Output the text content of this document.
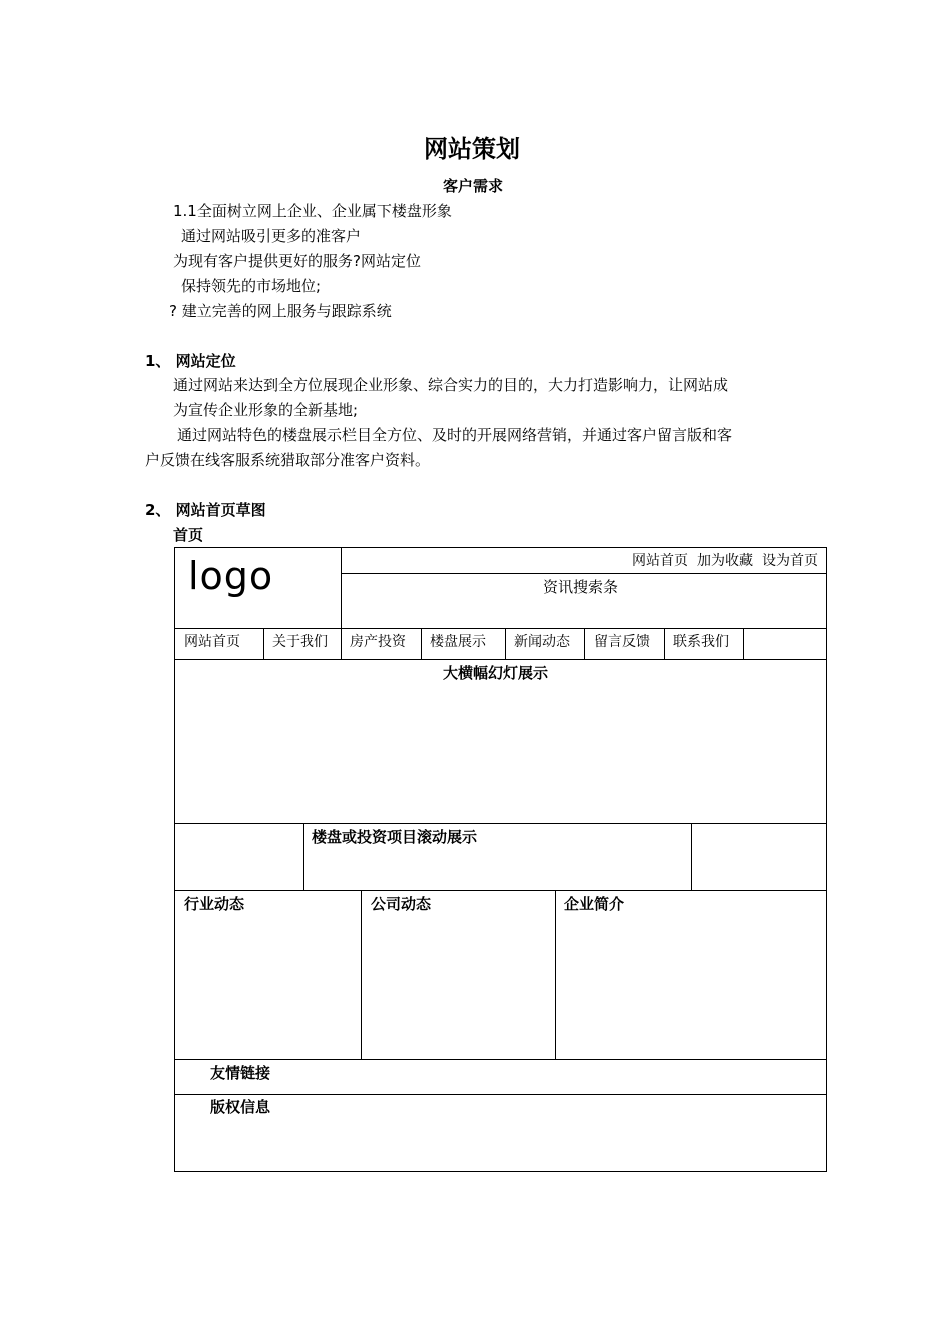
网站策划
客户需求
1.1全面树立网上企业、企业属下楼盘形象
通过网站吸引更多的准客户
为现有客户提供更好的服务?网站定位
保持领先的市场地位;
? 建立完善的网上服务与跟踪系统
1、 网站定位
通过网站来达到全方位展现企业形象、综合实力的目的，大力打造影响力，让网站成
为宣传企业形象的全新基地;
通过网站特色的楼盘展示栏目全方位、及时的开展网络营销，并通过客户留言版和客
户反馈在线客服系统猎取部分准客户资料。
2、 网站首页草图
首页
logo	网站首页 加为收藏 设为首页
资讯搜索条
网站首页 关于我们 房产投资 楼盘展示 新闻动态 留言反馈 联系我们
大横幅幻灯展示
楼盘或投资项目滚动展示
行业动态	公司动态	企业简介
友情链接
版权信息
